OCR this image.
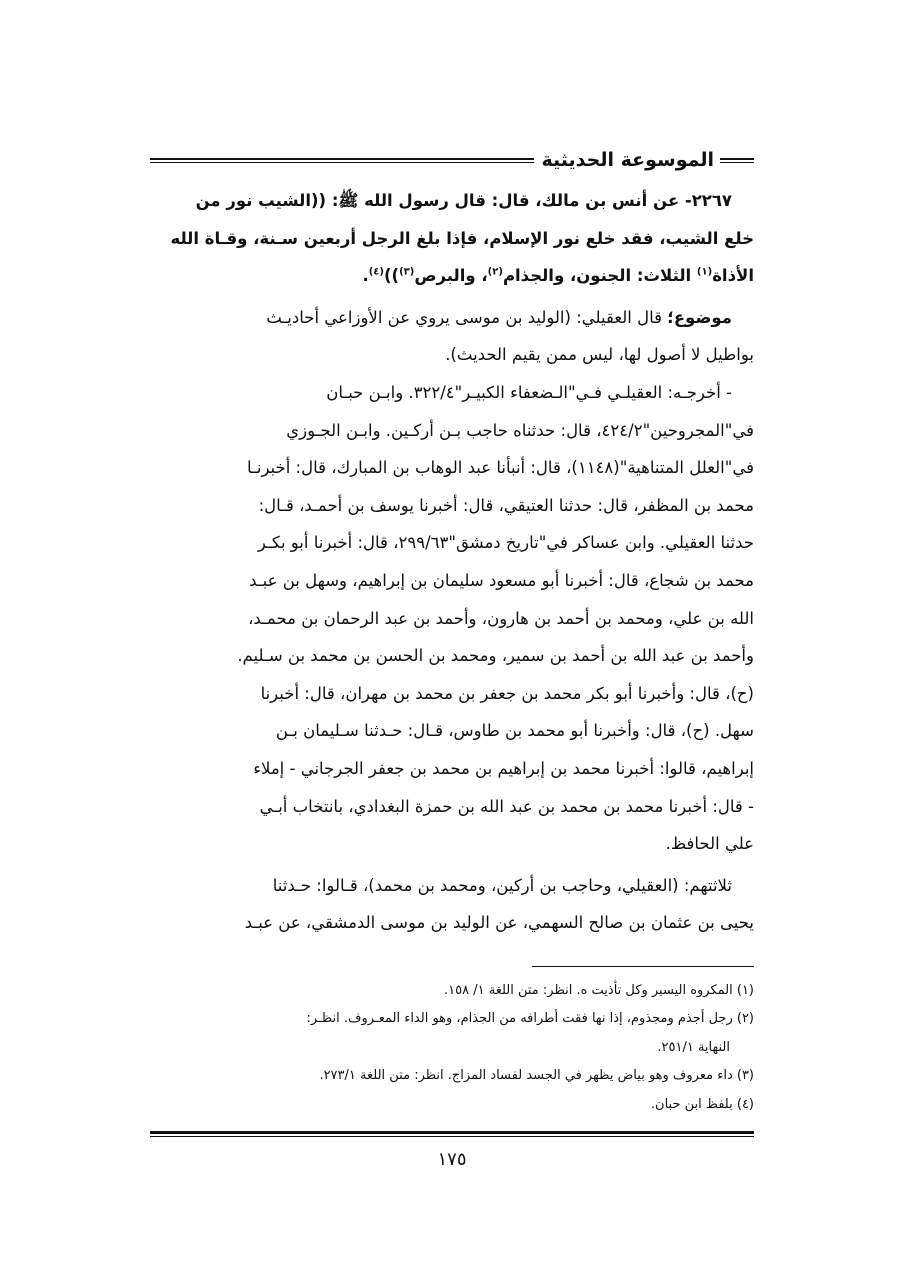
الموسوعة الحديثية

٢٢٦٧- عن أنس بن مالك، قال: قال رسول الله ﷺ: ((الشيب نور من

خلع الشيب، فقد خلع نور الإسلام، فإذا بلغ الرجل أربعين سـنة، وقـاة الله

الأذاة$^{(١)}$ الثلاث: الجنون، والجذام$^{(٢)}$، والبرص$^{(٣)}$))$^{(٤)}$.

موضوع؛ قال العقيلي: (الوليد بن موسى يروي عن الأوزاعي أحاديـث

بواطيل لا أصول لها، ليس ممن يقيم الحديث).

- أخرجـه: العقيلـي فـي"الـضعفاء الكبيـر"٣٢٢/٤. وابـن حبـان

في"المجروحين"٤٢٤/٢، قال: حدثناه حاجب بـن أركـين. وابـن الجـوزي

في"العلل المتناهية"(١١٤٨)، قال: أنبأنا عبد الوهاب بن المبارك، قال: أخبرنـا

محمد بن المظفر، قال: حدثنا العتيقي، قال: أخبرنا يوسف بن أحمـد، قـال:

حدثنا العقيلي. وابن عساكر في"تاريخ دمشق"٢٩٩/٦٣، قال: أخبرنا أبو بكـر

محمد بن شجاع، قال: أخبرنا أبو مسعود سليمان بن إبراهيم، وسهل بن عبـد

الله بن علي، ومحمد بن أحمد بن هارون، وأحمد بن عبد الرحمان بن محمـد،

وأحمد بن عبد الله بن أحمد بن سمير، ومحمد بن الحسن بن محمد بن سـليم.

(ح)، قال: وأخبرنا أبو بكر محمد بن جعفر بن محمد بن مهران، قال: أخبرنا

سهل. (ح)، قال: وأخبرنا أبو محمد بن طاوس، قـال: حـدثنا سـليمان بـن

إبراهيم، قالوا: أخبرنا محمد بن إبراهيم بن محمد بن جعفر الجرجاني - إملاء

- قال: أخبرنا محمد بن محمد بن عبد الله بن حمزة البغدادي، بانتخاب أبـي

علي الحافظ.

ثلاثتهم: (العقيلي، وحاجب بن أركين، ومحمد بن محمد)، قـالوا: حـدثنا

يحيى بن عثمان بن صالح السهمي، عن الوليد بن موسى الدمشقي، عن عبـد

(١) المكروه اليسير وكل تأذيت ه. انظر: متن اللغة ١/ ١٥٨.

(٢) رجل أجذم ومجذوم، إذا نها فقت أطرافه من الجذام، وهو الداء المعـروف. انظـر:

النهاية ٢٥١/١.

(٣) داء معروف وهو بياض يظهر في الجسد لفساد المزاج. انظر: متن اللغة ٢٧٣/١.

(٤) بلفظ ابن حبان.

١٧٥
